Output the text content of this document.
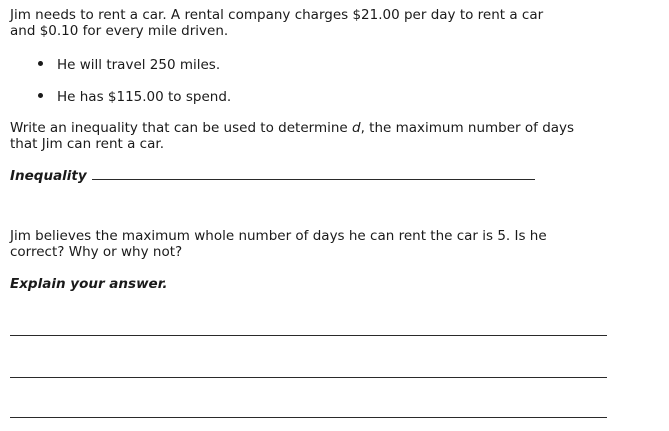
Jim needs to rent a car. A rental company charges $21.00 per day to rent a car
and $0.10 for every mile driven.
He will travel 250 miles.
He has $115.00 to spend.
Write an inequality that can be used to determine d, the maximum number of days
that Jim can rent a car.
Inequality
Jim believes the maximum whole number of days he can rent the car is 5. Is he
correct? Why or why not?
Explain your answer.
